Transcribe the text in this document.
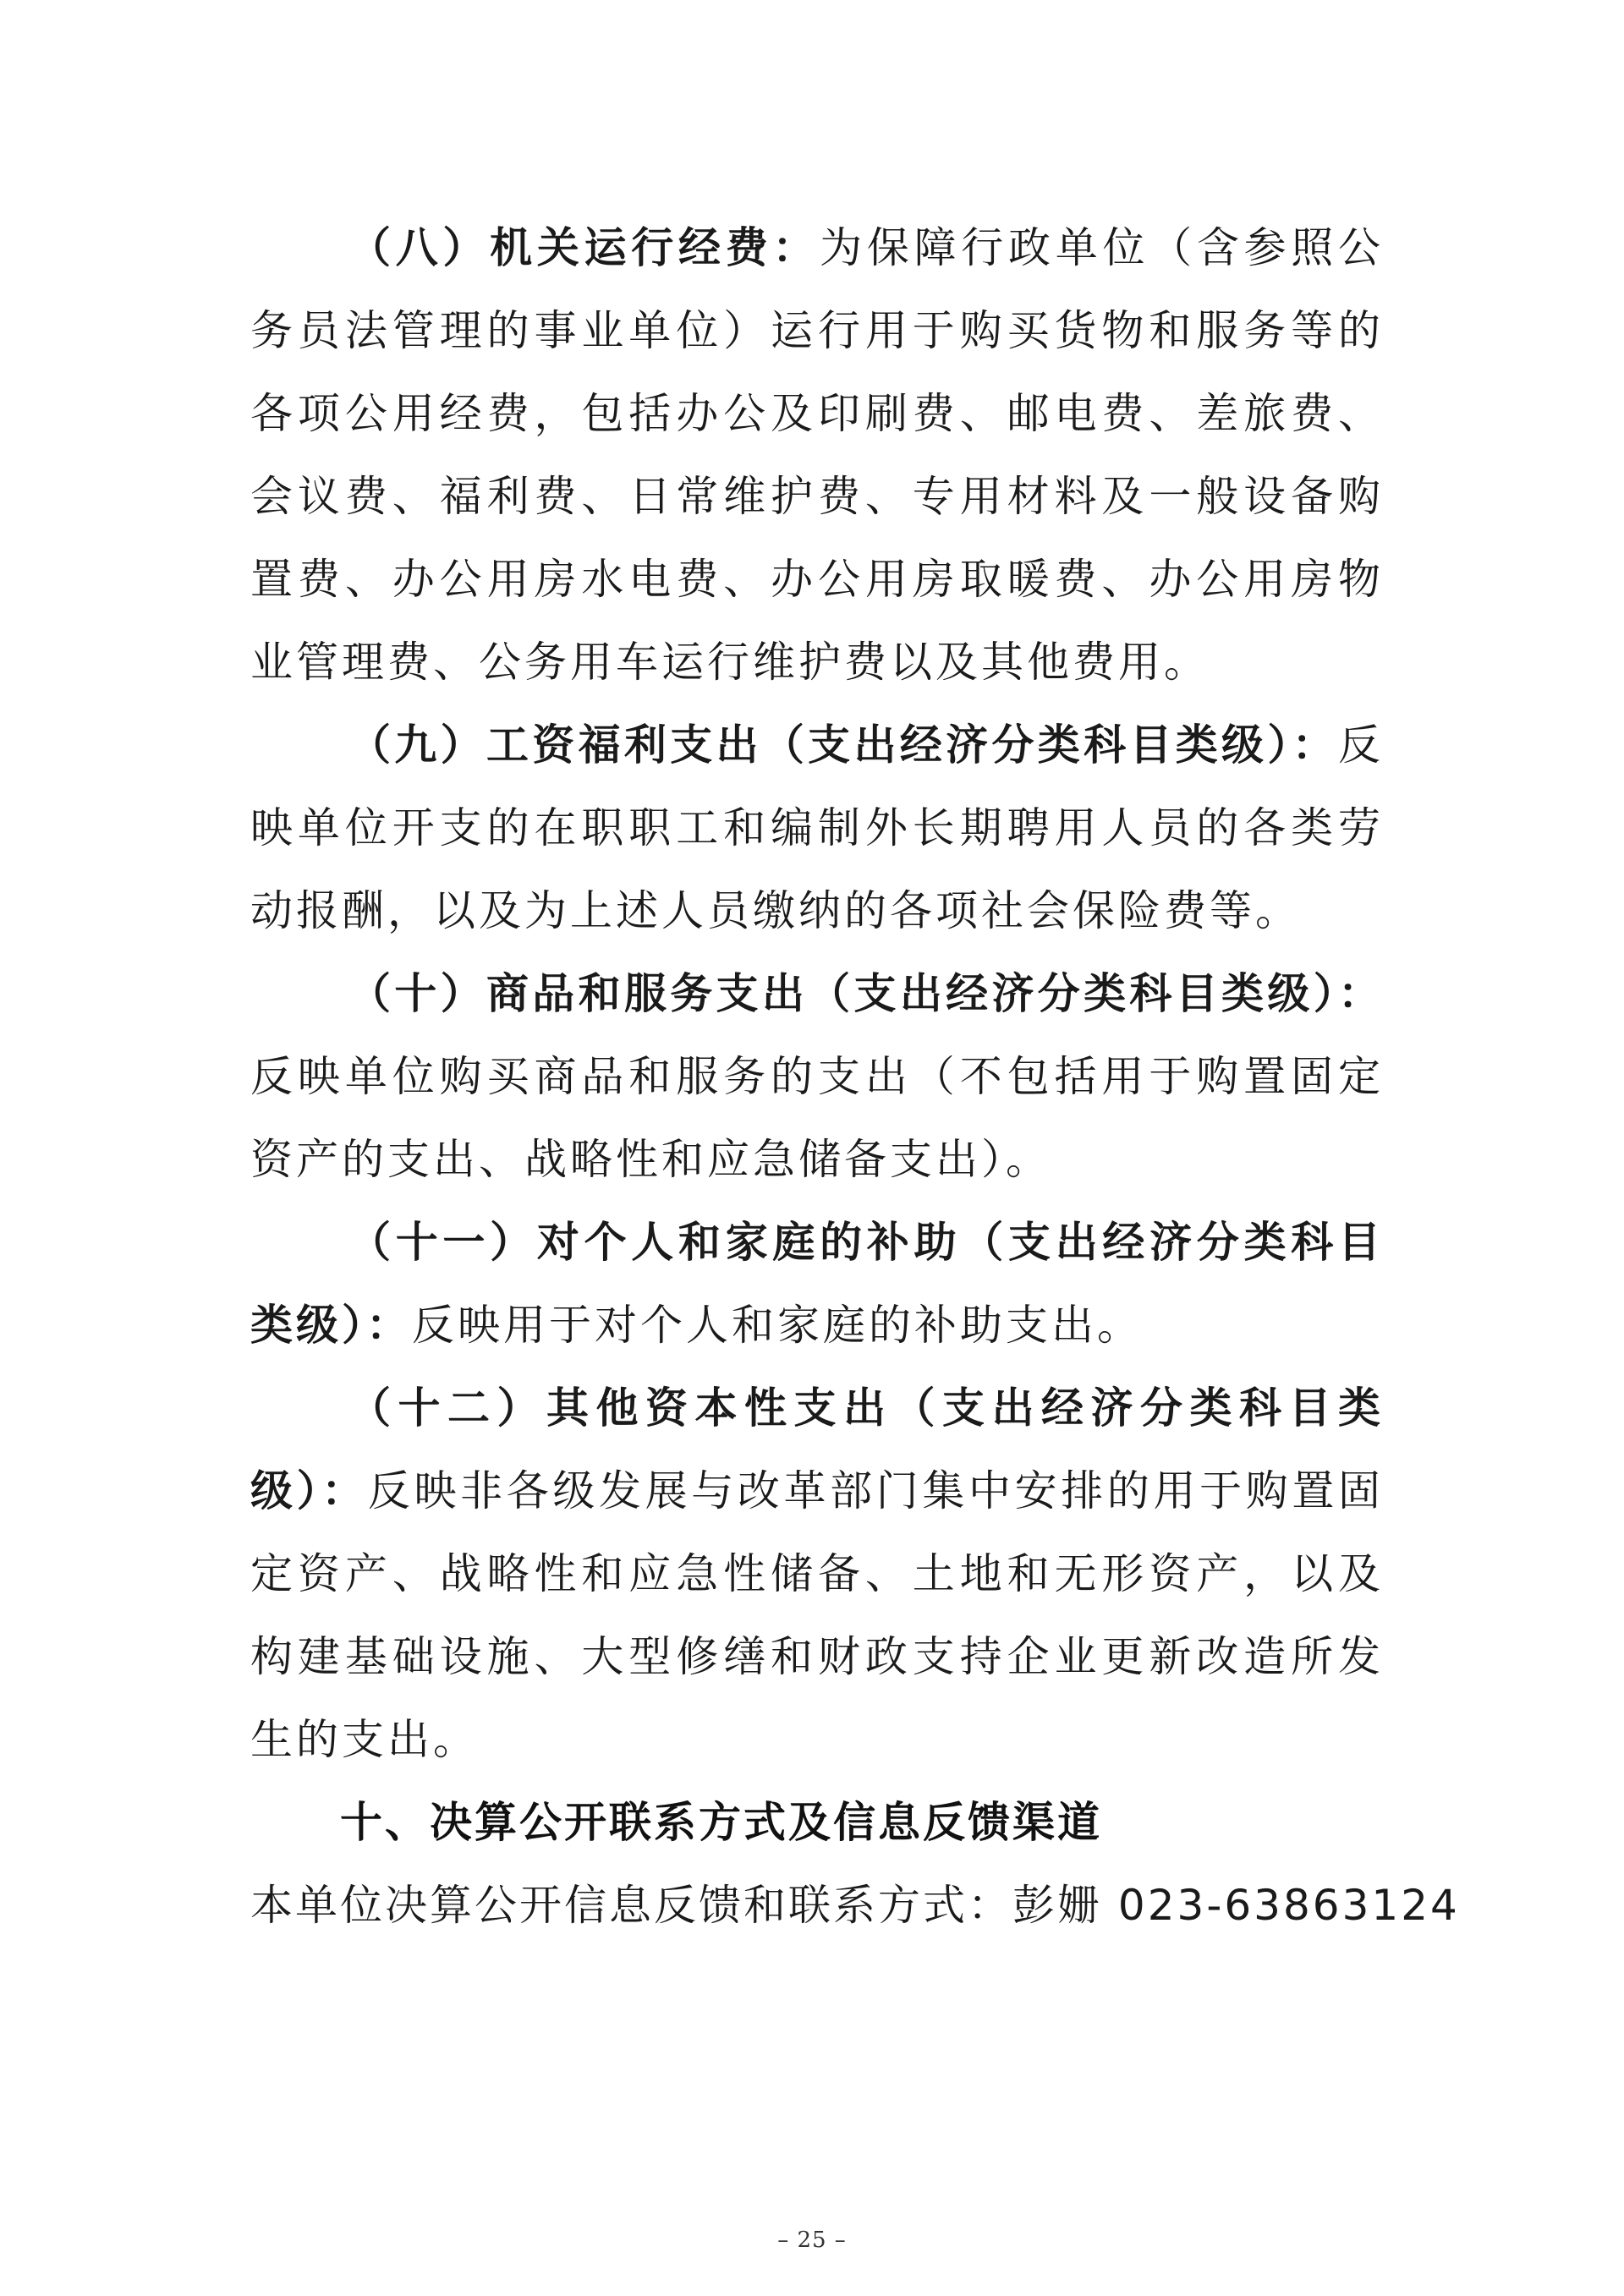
（八）机关运行经费：为保障行政单位（含参照公务员法管理的事业单位）运行用于购买货物和服务等的各项公用经费，包括办公及印刷费、邮电费、差旅费、会议费、福利费、日常维护费、专用材料及一般设备购置费、办公用房水电费、办公用房取暖费、办公用房物业管理费、公务用车运行维护费以及其他费用。

（九）工资福利支出（支出经济分类科目类级）：反映单位开支的在职职工和编制外长期聘用人员的各类劳动报酬，以及为上述人员缴纳的各项社会保险费等。

（十）商品和服务支出（支出经济分类科目类级）：反映单位购买商品和服务的支出（不包括用于购置固定资产的支出、战略性和应急储备支出）。

（十一）对个人和家庭的补助（支出经济分类科目类级）：反映用于对个人和家庭的补助支出。

（十二）其他资本性支出（支出经济分类科目类级）：反映非各级发展与改革部门集中安排的用于购置固定资产、战略性和应急性储备、土地和无形资产，以及构建基础设施、大型修缮和财政支持企业更新改造所发生的支出。

十、决算公开联系方式及信息反馈渠道

本单位决算公开信息反馈和联系方式：彭姗 023-63863124

– 25 –
